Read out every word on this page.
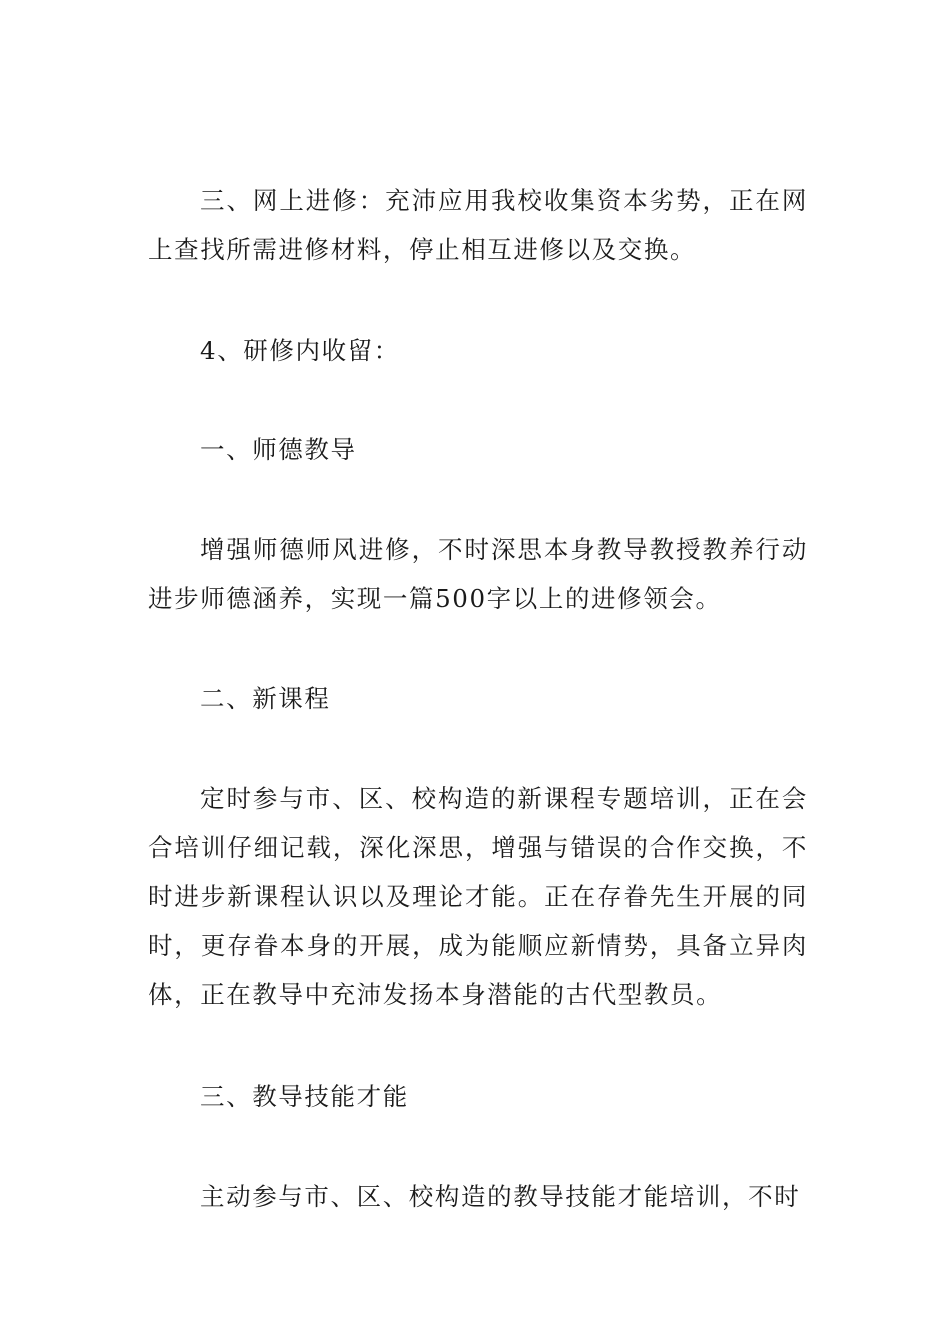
三、网上进修：充沛应用我校收集资本劣势，正在网上查找所需进修材料，停止相互进修以及交换。

4、研修内收留：

一、师德教导

增强师德师风进修，不时深思本身教导教授教养行动进步师德涵养，实现一篇500字以上的进修领会。

二、新课程

定时参与市、区、校构造的新课程专题培训，正在会合培训仔细记载，深化深思，增强与错误的合作交换，不时进步新课程认识以及理论才能。正在存眷先生开展的同时，更存眷本身的开展，成为能顺应新情势，具备立异肉体，正在教导中充沛发扬本身潜能的古代型教员。

三、教导技能才能

主动参与市、区、校构造的教导技能才能培训，不时
